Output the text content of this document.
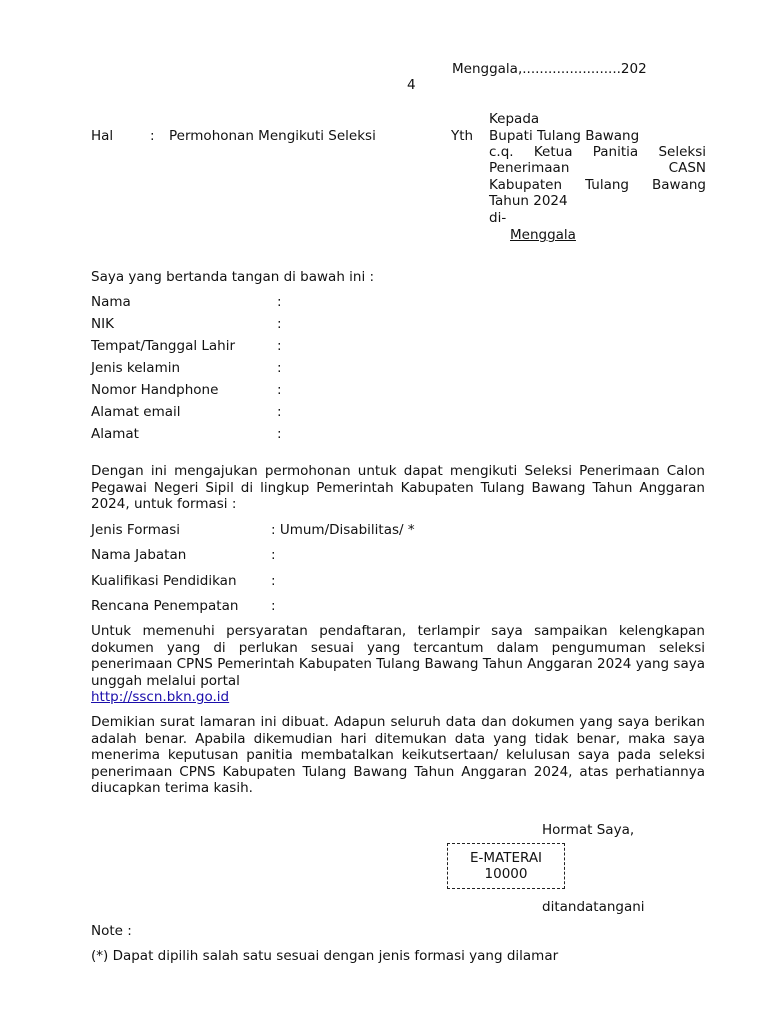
Menggala,.......................202
4
Hal	: Permohonan Mengikuti Seleksi	Yth
Kepada
Bupati Tulang Bawang
c.q. Ketua Panitia Seleksi
Penerimaan CASN
Kabupaten Tulang Bawang
Tahun 2024
di-
Menggala
Saya yang bertanda tangan di bawah ini :
Nama	:
NIK	:
Tempat/Tanggal Lahir	:
Jenis kelamin	:
Nomor Handphone	:
Alamat email	:
Alamat	:
Dengan ini mengajukan permohonan untuk dapat mengikuti Seleksi Penerimaan Calon Pegawai Negeri Sipil di lingkup Pemerintah Kabupaten Tulang Bawang Tahun Anggaran 2024, untuk formasi :
Jenis Formasi	: Umum/Disabilitas/ *
Nama Jabatan	:
Kualifikasi Pendidikan	:
Rencana Penempatan :
Untuk memenuhi persyaratan pendaftaran, terlampir saya sampaikan kelengkapan dokumen yang di perlukan sesuai yang tercantum dalam pengumuman seleksi penerimaan CPNS Pemerintah Kabupaten Tulang Bawang Tahun Anggaran 2024 yang saya unggah melalui portal
http://sscn.bkn.go.id
Demikian surat lamaran ini dibuat. Adapun seluruh data dan dokumen yang saya berikan adalah benar. Apabila dikemudian hari ditemukan data yang tidak benar, maka saya menerima keputusan panitia membatalkan keikutsertaan/ kelulusan saya pada seleksi penerimaan CPNS Kabupaten Tulang Bawang Tahun Anggaran 2024, atas perhatiannya diucapkan terima kasih.
Hormat Saya,
E-MATERAI
10000
ditandatangani
Note :
(*) Dapat dipilih salah satu sesuai dengan jenis formasi yang dilamar
